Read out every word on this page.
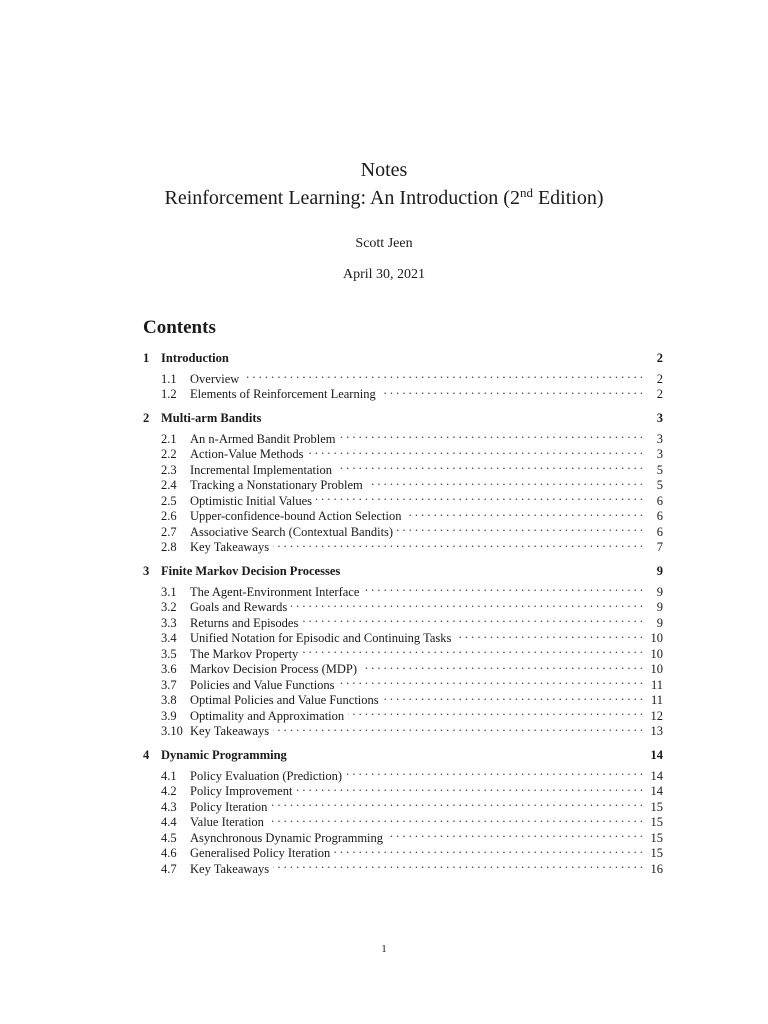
Notes
Reinforcement Learning: An Introduction (2nd Edition)
Scott Jeen
April 30, 2021
Contents
1 Introduction	2
1.1	Overview . . .	2
1.2	Elements of Reinforcement Learning . . .	2
2 Multi-arm Bandits	3
2.1	An n-Armed Bandit Problem . . .	3
2.2	Action-Value Methods . . .	3
2.3	Incremental Implementation . . .	5
2.4	Tracking a Nonstationary Problem . . .	5
2.5	Optimistic Initial Values . . .	6
2.6	Upper-confidence-bound Action Selection . . .	6
2.7	Associative Search (Contextual Bandits) . . .	6
2.8	Key Takeaways . . .	7
3 Finite Markov Decision Processes	9
3.1	The Agent-Environment Interface . . .	9
3.2	Goals and Rewards . . .	9
3.3	Returns and Episodes . . .	9
3.4	Unified Notation for Episodic and Continuing Tasks . . .	10
3.5	The Markov Property . . .	10
3.6	Markov Decision Process (MDP) . . .	10
3.7	Policies and Value Functions . . .	11
3.8	Optimal Policies and Value Functions . . .	11
3.9	Optimality and Approximation . . .	12
3.10 Key Takeaways . . .	13
4 Dynamic Programming	14
4.1	Policy Evaluation (Prediction) . . .	14
4.2	Policy Improvement . . .	14
4.3	Policy Iteration . . .	15
4.4	Value Iteration . . .	15
4.5	Asynchronous Dynamic Programming . . .	15
4.6	Generalised Policy Iteration . . .	15
4.7	Key Takeaways . . .	16
1
